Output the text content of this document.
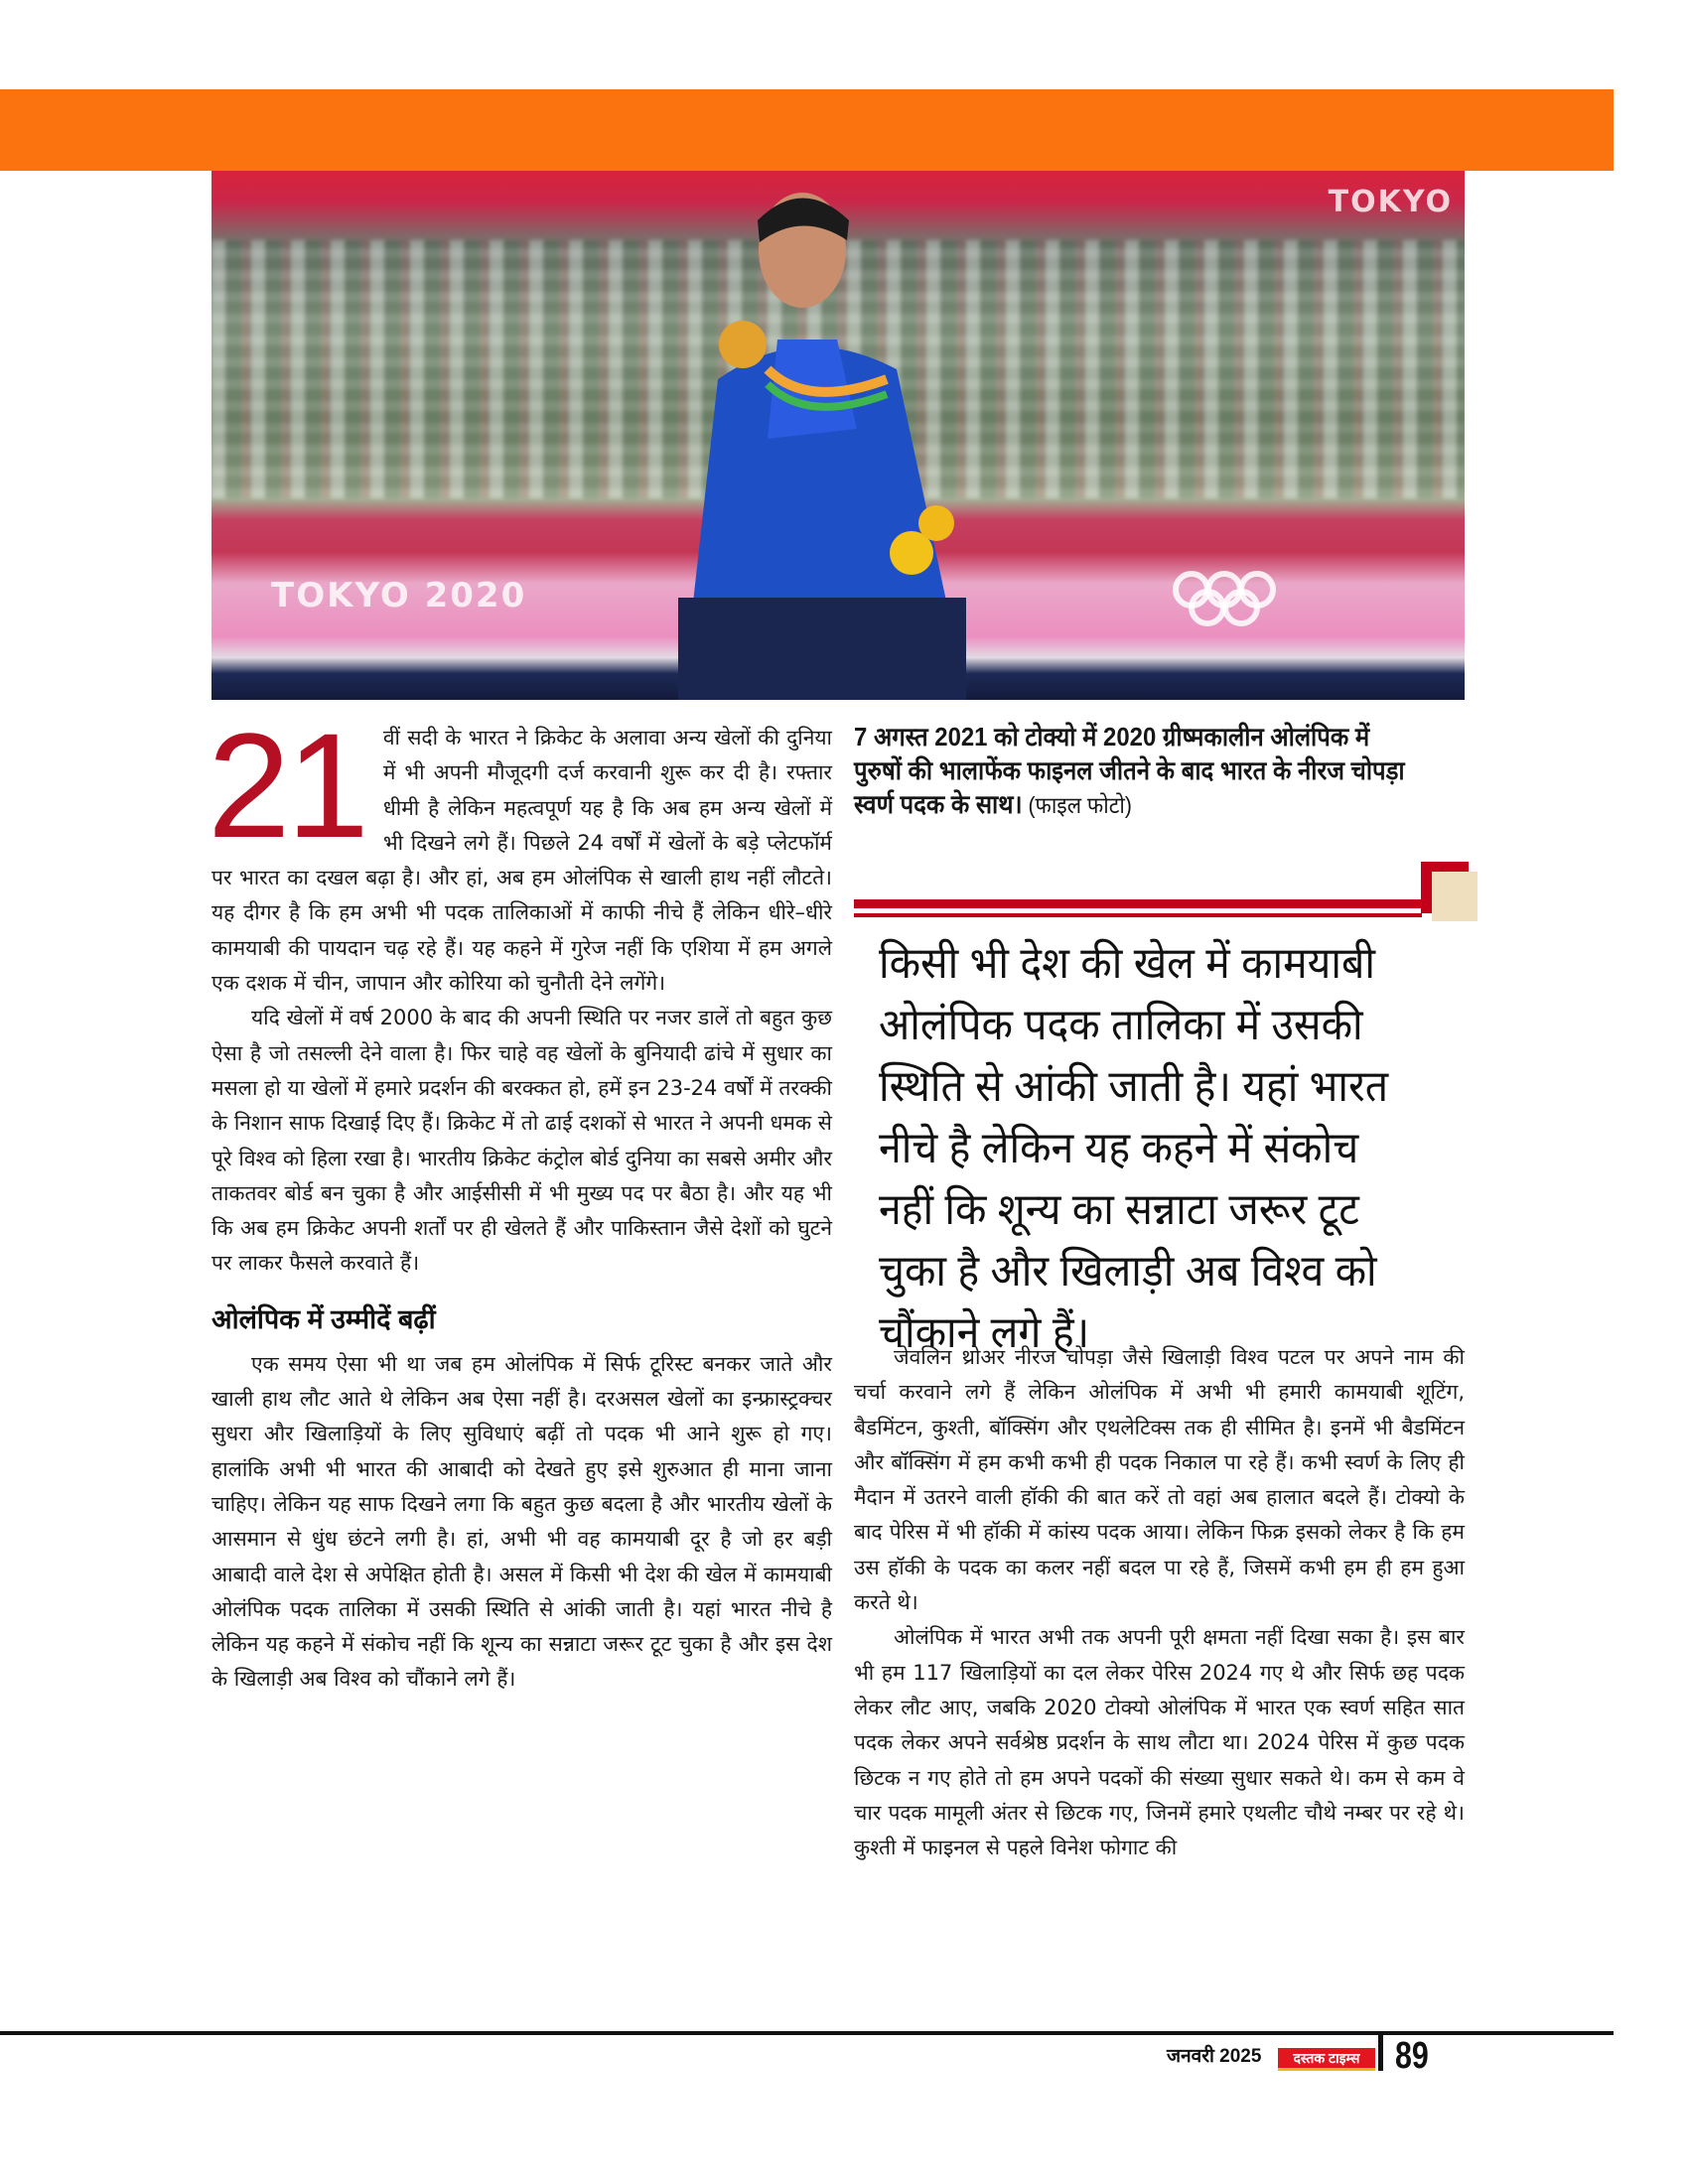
TOKYO
TOKYO 2020
7 अगस्त 2021 को टोक्यो में 2020 ग्रीष्मकालीन ओलंपिक में पुरुषों की भालाफेंक फाइनल जीतने के बाद भारत के नीरज चोपड़ा स्वर्ण पदक के साथ। (फाइल फोटो)
किसी भी देश की खेल में कामयाबी ओलंपिक पदक तालिका में उसकी स्थिति से आंकी जाती है। यहां भारत नीचे है लेकिन यह कहने में संकोच नहीं कि शून्य का सन्नाटा जरूर टूट चुका है और खिलाड़ी अब विश्व को चौंकाने लगे हैं।

21 वीं सदी के भारत ने क्रिकेट के अलावा अन्य खेलों की दुनिया में भी अपनी मौजूदगी दर्ज करवानी शुरू कर दी है। रफ्तार धीमी है लेकिन महत्वपूर्ण यह है कि अब हम अन्य खेलों में भी दिखने लगे हैं। पिछले 24 वर्षों में खेलों के बड़े प्लेटफॉर्म पर भारत का दखल बढ़ा है। और हां, अब हम ओलंपिक से खाली हाथ नहीं लौटते। यह दीगर है कि हम अभी भी पदक तालिकाओं में काफी नीचे हैं लेकिन धीरे–धीरे कामयाबी की पायदान चढ़ रहे हैं। यह कहने में गुरेज नहीं कि एशिया में हम अगले एक दशक में चीन, जापान और कोरिया को चुनौती देने लगेंगे।

यदि खेलों में वर्ष 2000 के बाद की अपनी स्थिति पर नजर डालें तो बहुत कुछ ऐसा है जो तसल्ली देने वाला है। फिर चाहे वह खेलों के बुनियादी ढांचे में सुधार का मसला हो या खेलों में हमारे प्रदर्शन की बरक्कत हो, हमें इन 23-24 वर्षों में तरक्की के निशान साफ दिखाई दिए हैं। क्रिकेट में तो ढाई दशकों से भारत ने अपनी धमक से पूरे विश्व को हिला रखा है। भारतीय क्रिकेट कंट्रोल बोर्ड दुनिया का सबसे अमीर और ताकतवर बोर्ड बन चुका है और आईसीसी में भी मुख्य पद पर बैठा है। और यह भी कि अब हम क्रिकेट अपनी शर्तों पर ही खेलते हैं और पाकिस्तान जैसे देशों को घुटने पर लाकर फैसले करवाते हैं।

ओलंपिक में उम्मीदें बढ़ीं

एक समय ऐसा भी था जब हम ओलंपिक में सिर्फ टूरिस्ट बनकर जाते और खाली हाथ लौट आते थे लेकिन अब ऐसा नहीं है। दरअसल खेलों का इन्फ्रास्ट्रक्चर सुधरा और खिलाड़ियों के लिए सुविधाएं बढ़ीं तो पदक भी आने शुरू हो गए। हालांकि अभी भी भारत की आबादी को देखते हुए इसे शुरुआत ही माना जाना चाहिए। लेकिन यह साफ दिखने लगा कि बहुत कुछ बदला है और भारतीय खेलों के आसमान से धुंध छंटने लगी है। हां, अभी भी वह कामयाबी दूर है जो हर बड़ी आबादी वाले देश से अपेक्षित होती है। असल में किसी भी देश की खेल में कामयाबी ओलंपिक पदक तालिका में उसकी स्थिति से आंकी जाती है। यहां भारत नीचे है लेकिन यह कहने में संकोच नहीं कि शून्य का सन्नाटा जरूर टूट चुका है और इस देश के खिलाड़ी अब विश्व को चौंकाने लगे हैं।

जेवलिन थ्रोअर नीरज चोपड़ा जैसे खिलाड़ी विश्व पटल पर अपने नाम की चर्चा करवाने लगे हैं लेकिन ओलंपिक में अभी भी हमारी कामयाबी शूटिंग, बैडमिंटन, कुश्ती, बॉक्सिंग और एथलेटिक्स तक ही सीमित है। इनमें भी बैडमिंटन और बॉक्सिंग में हम कभी कभी ही पदक निकाल पा रहे हैं। कभी स्वर्ण के लिए ही मैदान में उतरने वाली हॉकी की बात करें तो वहां अब हालात बदले हैं। टोक्यो के बाद पेरिस में भी हॉकी में कांस्य पदक आया। लेकिन फिक्र इसको लेकर है कि हम उस हॉकी के पदक का कलर नहीं बदल पा रहे हैं, जिसमें कभी हम ही हम हुआ करते थे।

ओलंपिक में भारत अभी तक अपनी पूरी क्षमता नहीं दिखा सका है। इस बार भी हम 117 खिलाड़ियों का दल लेकर पेरिस 2024 गए थे और सिर्फ छह पदक लेकर लौट आए, जबकि 2020 टोक्यो ओलंपिक में भारत एक स्वर्ण सहित सात पदक लेकर अपने सर्वश्रेष्ठ प्रदर्शन के साथ लौटा था। 2024 पेरिस में कुछ पदक छिटक न गए होते तो हम अपने पदकों की संख्या सुधार सकते थे। कम से कम वे चार पदक मामूली अंतर से छिटक गए, जिनमें हमारे एथलीट चौथे नम्बर पर रहे थे। कुश्ती में फाइनल से पहले विनेश फोगाट की

जनवरी 2025	दस्तक टाइम्स 89
